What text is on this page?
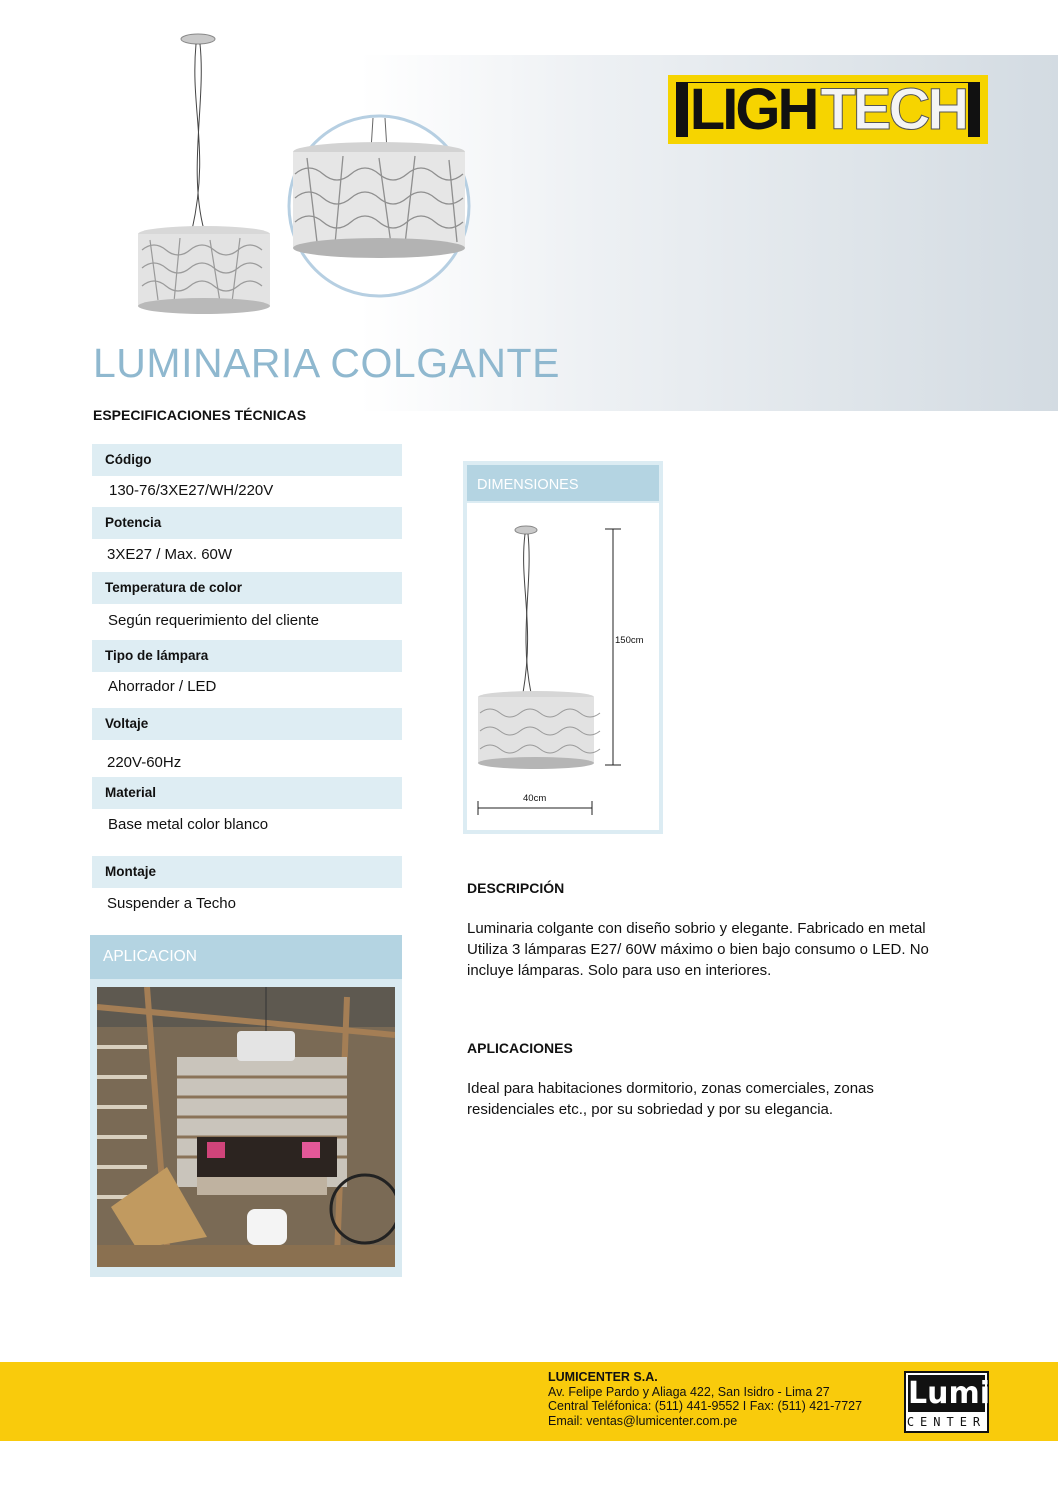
LIGH TECH
LUMINARIA COLGANTE
ESPECIFICACIONES TÉCNICAS
Código
130-76/3XE27/WH/220V
Potencia
3XE27 / Max. 60W
Temperatura de color
Según requerimiento del cliente
Tipo de lámpara
Ahorrador / LED
Voltaje
220V-60Hz
Material
Base metal color blanco
Montaje
Suspender a Techo
APLICACION
DIMENSIONES
150cm
40cm
DESCRIPCIÓN
Luminaria colgante con diseño sobrio y elegante. Fabricado en metal
Utiliza 3 lámparas E27/ 60W máximo o bien bajo consumo o LED. No
incluye lámparas. Solo para uso en interiores.
APLICACIONES
Ideal para habitaciones dormitorio, zonas comerciales, zonas
residenciales etc., por su sobriedad y por su elegancia.
LUMICENTER S.A.
Av. Felipe Pardo y Aliaga 422, San Isidro - Lima 27
Central Teléfonica: (511) 441-9552 I Fax: (511) 421-7727
Email: ventas@lumicenter.com.pe
Lumi
CENTER
